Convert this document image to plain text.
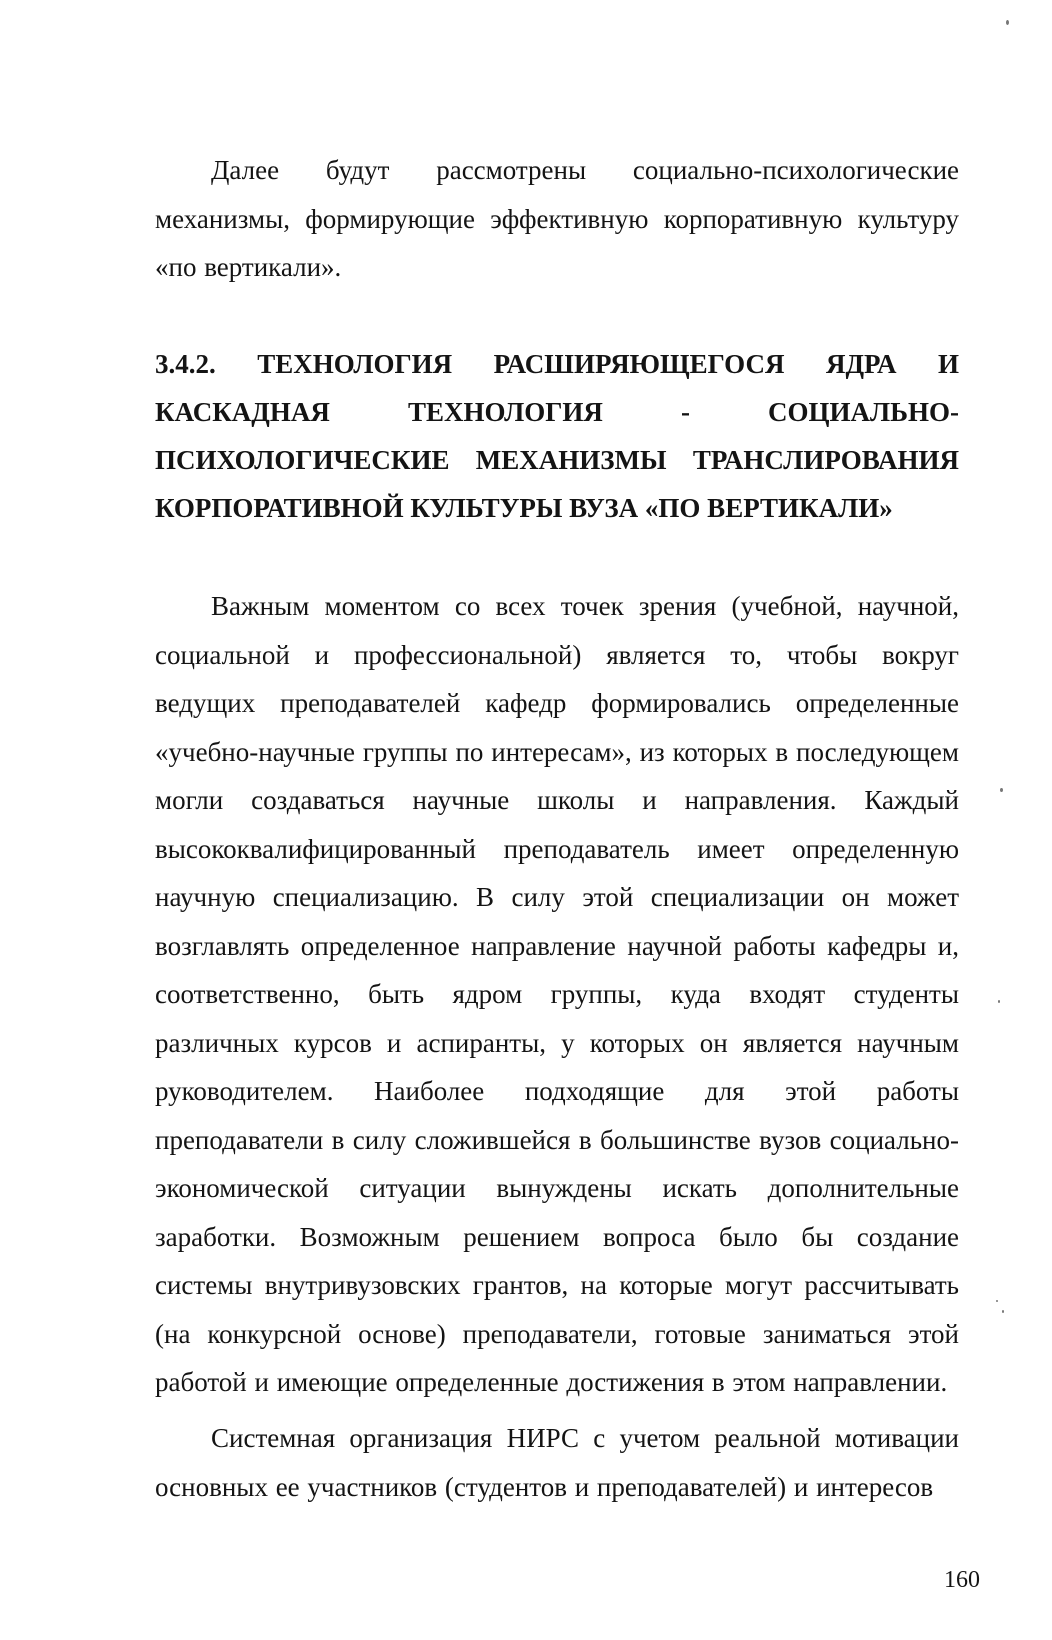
Далее будут рассмотрены социально-психологические механизмы, формирующие эффективную корпоративную культуру «по вертикали».

3.4.2. ТЕХНОЛОГИЯ РАСШИРЯЮЩЕГОСЯ ЯДРА И КАСКАДНАЯ ТЕХНОЛОГИЯ - СОЦИАЛЬНО-ПСИХОЛОГИЧЕСКИЕ МЕХАНИЗМЫ ТРАНСЛИРОВАНИЯ КОРПОРАТИВНОЙ КУЛЬТУРЫ ВУЗА «ПО ВЕРТИКАЛИ»

Важным моментом со всех точек зрения (учебной, научной, социальной и профессиональной) является то, чтобы вокруг ведущих преподавателей кафедр формировались определенные «учебно-научные группы по интересам», из которых в последующем могли создаваться научные школы и направления. Каждый высококвалифицированный преподаватель имеет определенную научную специализацию. В силу этой специализации он может возглавлять определенное направление научной работы кафедры и, соответственно, быть ядром группы, куда входят студенты различных курсов и аспиранты, у которых он является научным руководителем. Наиболее подходящие для этой работы преподаватели в силу сложившейся в большинстве вузов социально-экономической ситуации вынуждены искать дополнительные заработки. Возможным решением вопроса было бы создание системы внутривузовских грантов, на которые могут рассчитывать (на конкурсной основе) преподаватели, готовые заниматься этой работой и имеющие определенные достижения в этом направлении.

Системная организация НИРС с учетом реальной мотивации основных ее участников (студентов и преподавателей) и интересов

160
